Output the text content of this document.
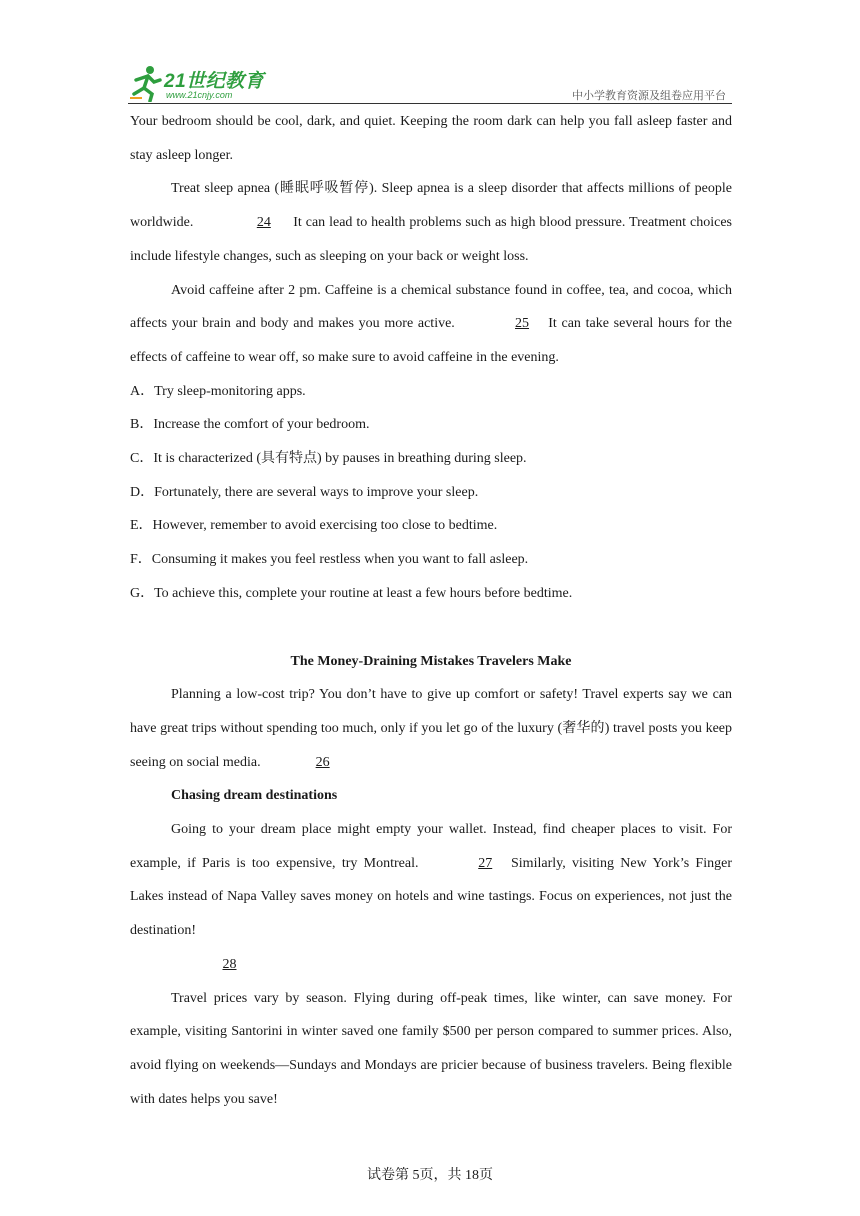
21世纪教育
www.21cnjy.com	中小学教育资源及组卷应用平台

Your bedroom should be cool, dark, and quiet. Keeping the room dark can help you fall asleep faster and stay asleep longer.

Treat sleep apnea (睡眠呼吸暂停). Sleep apnea is a sleep disorder that affects millions of people worldwide.	24 It can lead to health problems such as high blood pressure. Treatment choices include lifestyle changes, such as sleeping on your back or weight loss.

Avoid caffeine after 2 pm. Caffeine is a chemical substance found in coffee, tea, and cocoa, which affects your brain and body and makes you more active.	25 It can take several hours for the effects of caffeine to wear off, so make sure to avoid caffeine in the evening.

A．Try sleep-monitoring apps.

B．Increase the comfort of your bedroom.

C．It is characterized (具有特点) by pauses in breathing during sleep.

D．Fortunately, there are several ways to improve your sleep.

E．However, remember to avoid exercising too close to bedtime.

F．Consuming it makes you feel restless when you want to fall asleep.

G．To achieve this, complete your routine at least a few hours before bedtime.

The Money-Draining Mistakes Travelers Make

Planning a low-cost trip? You don’t have to give up comfort or safety! Travel experts say we can have great trips without spending too much, only if you let go of the luxury (奢华的) travel posts you keep seeing on social media.	26

Chasing dream destinations

Going to your dream place might empty your wallet. Instead, find cheaper places to visit. For example, if Paris is too expensive, try Montreal.	27 Similarly, visiting New York’s Finger Lakes instead of Napa Valley saves money on hotels and wine tastings. Focus on experiences, not just the destination!

28

Travel prices vary by season. Flying during off-peak times, like winter, can save money. For example, visiting Santorini in winter saved one family $500 per person compared to summer prices. Also, avoid flying on weekends—Sundays and Mondays are pricier because of business travelers. Being flexible with dates helps you save!

试卷第 5页，共 18页
